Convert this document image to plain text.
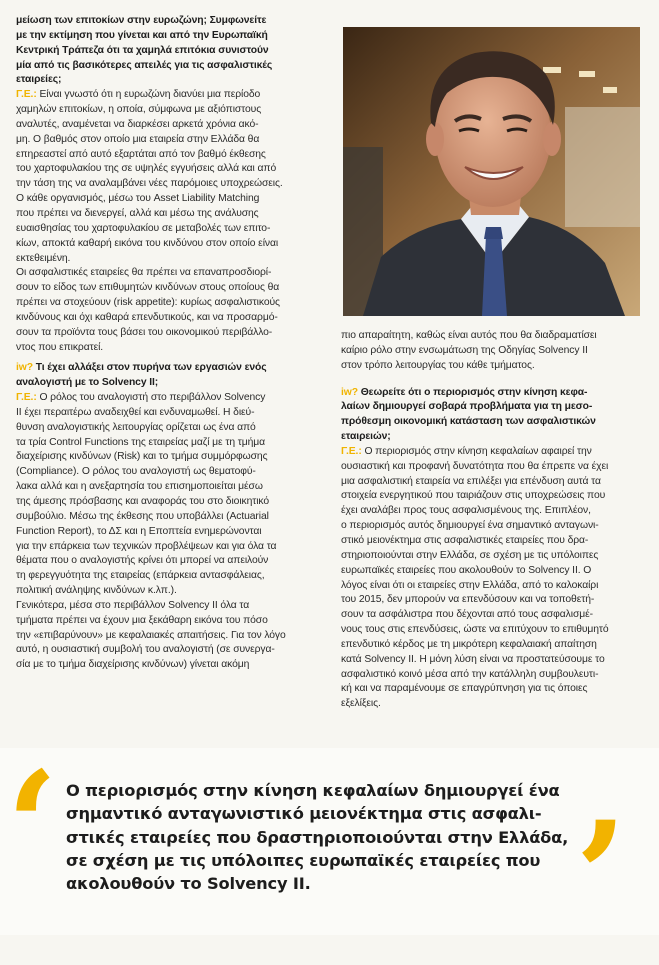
μείωση των επιτοκίων στην ευρωζώνη; Συμφωνείτε

με την εκτίμηση που γίνεται και από την Ευρωπαϊκή

Κεντρική Τράπεζα ότι τα χαμηλά επιτόκια συνιστούν

μία από τις βασικότερες απειλές για τις ασφαλιστικές

εταιρείες;

Γ.Ε.: Είναι γνωστό ότι η ευρωζώνη διανύει μια περίοδο

χαμηλών επιτοκίων, η οποία, σύμφωνα με αξιόπιστους

αναλυτές, αναμένεται να διαρκέσει αρκετά χρόνια ακό-

μη. Ο βαθμός στον οποίο μια εταιρεία στην Ελλάδα θα

επηρεαστεί από αυτό εξαρτάται από τον βαθμό έκθεσης

του χαρτοφυλακίου της σε υψηλές εγγυήσεις αλλά και από

την τάση της να αναλαμβάνει νέες παρόμοιες υποχρεώσεις.

Ο κάθε οργανισμός, μέσω του Asset Liability Matching

που πρέπει να διενεργεί, αλλά και μέσω της ανάλυσης

ευαισθησίας του χαρτοφυλακίου σε μεταβολές των επιτο-

κίων, αποκτά καθαρή εικόνα του κινδύνου στον οποίο είναι

εκτεθειμένη.

Οι ασφαλιστικές εταιρείες θα πρέπει να επαναπροσδιορί-

σουν το είδος των επιθυμητών κινδύνων στους οποίους θα

πρέπει να στοχεύουν (risk appetite): κυρίως ασφαλιστικούς

κινδύνους και όχι καθαρά επενδυτικούς, και να προσαρμό-

σουν τα προϊόντα τους βάσει του οικονομικού περιβάλλο-

ντος που επικρατεί.

iw? Τι έχει αλλάξει στον πυρήνα των εργασιών ενός

αναλογιστή με το Solvency II;

Γ.Ε.: Ο ρόλος του αναλογιστή στο περιβάλλον Solvency

II έχει περαιτέρω αναδειχθεί και ενδυναμωθεί. Η διεύ-

θυνση αναλογιστικής λειτουργίας ορίζεται ως ένα από

τα τρία Control Functions της εταιρείας μαζί με τη τμήμα

διαχείρισης κινδύνων (Risk) και το τμήμα συμμόρφωσης

(Compliance). Ο ρόλος του αναλογιστή ως θεματοφύ-

λακα αλλά και η ανεξαρτησία του επισημοποιείται μέσω

της άμεσης πρόσβασης και αναφοράς του στο διοικητικό

συμβούλιο. Μέσω της έκθεσης που υποβάλλει (Actuarial

Function Report), το ΔΣ και η Εποπτεία ενημερώνονται

για την επάρκεια των τεχνικών προβλέψεων και για όλα τα

θέματα που ο αναλογιστής κρίνει ότι μπορεί να απειλούν

τη φερεγγυότητα της εταιρείας (επάρκεια αντασφάλειας,

πολιτική ανάληψης κινδύνων κ.λπ.).

Γενικότερα, μέσα στο περιβάλλον Solvency II όλα τα

τμήματα πρέπει να έχουν μια ξεκάθαρη εικόνα του πόσο

την «επιβαρύνουν» με κεφαλαιακές απαιτήσεις. Για τον λόγο

αυτό, η ουσιαστική συμβολή του αναλογιστή (σε συνεργα-

σία με το τμήμα διαχείρισης κινδύνων) γίνεται ακόμη

πιο απαραίτητη, καθώς είναι αυτός που θα διαδραματίσει

καίριο ρόλο στην ενσωμάτωση της Οδηγίας Solvency II

στον τρόπο λειτουργίας του κάθε τμήματος.

iw? Θεωρείτε ότι ο περιορισμός στην κίνηση κεφα-

λαίων δημιουργεί σοβαρά προβλήματα για τη μεσο-

πρόθεσμη οικονομική κατάσταση των ασφαλιστικών

εταιρειών;

Γ.Ε.: Ο περιορισμός στην κίνηση κεφαλαίων αφαιρεί την

ουσιαστική και προφανή δυνατότητα που θα έπρεπε να έχει

μια ασφαλιστική εταιρεία να επιλέξει για επένδυση αυτά τα

στοιχεία ενεργητικού που ταιριάζουν στις υποχρεώσεις που

έχει αναλάβει προς τους ασφαλισμένους της. Επιπλέον,

ο περιορισμός αυτός δημιουργεί ένα σημαντικό ανταγωνι-

στικό μειονέκτημα στις ασφαλιστικές εταιρείες που δρα-

στηριοποιούνται στην Ελλάδα, σε σχέση με τις υπόλοιπες

ευρωπαϊκές εταιρείες που ακολουθούν το Solvency II. Ο

λόγος είναι ότι οι εταιρείες στην Ελλάδα, από το καλοκαίρι

του 2015, δεν μπορούν να επενδύσουν και να τοποθετή-

σουν τα ασφάλιστρα που δέχονται από τους ασφαλισμέ-

νους τους στις επενδύσεις, ώστε να επιτύχουν το επιθυμητό

επενδυτικό κέρδος με τη μικρότερη κεφαλαιακή απαίτηση

κατά Solvency II. Η μόνη λύση είναι να προστατεύσουμε το

ασφαλιστικό κοινό μέσα από την κατάλληλη συμβουλευτι-

κή και να παραμένουμε σε επαγρύπνηση για τις όποιες

εξελίξεις.

‘ Ο περιορισμός στην κίνηση κεφαλαίων δημιουργεί ένα
σημαντικό ανταγωνιστικό μειονέκτημα στις ασφαλι-
στικές εταιρείες που δραστηριοποιούνται στην Ελλάδα,
σε σχέση με τις υπόλοιπες ευρωπαϊκές εταιρείες που
ακολουθούν το Solvency II.	’
